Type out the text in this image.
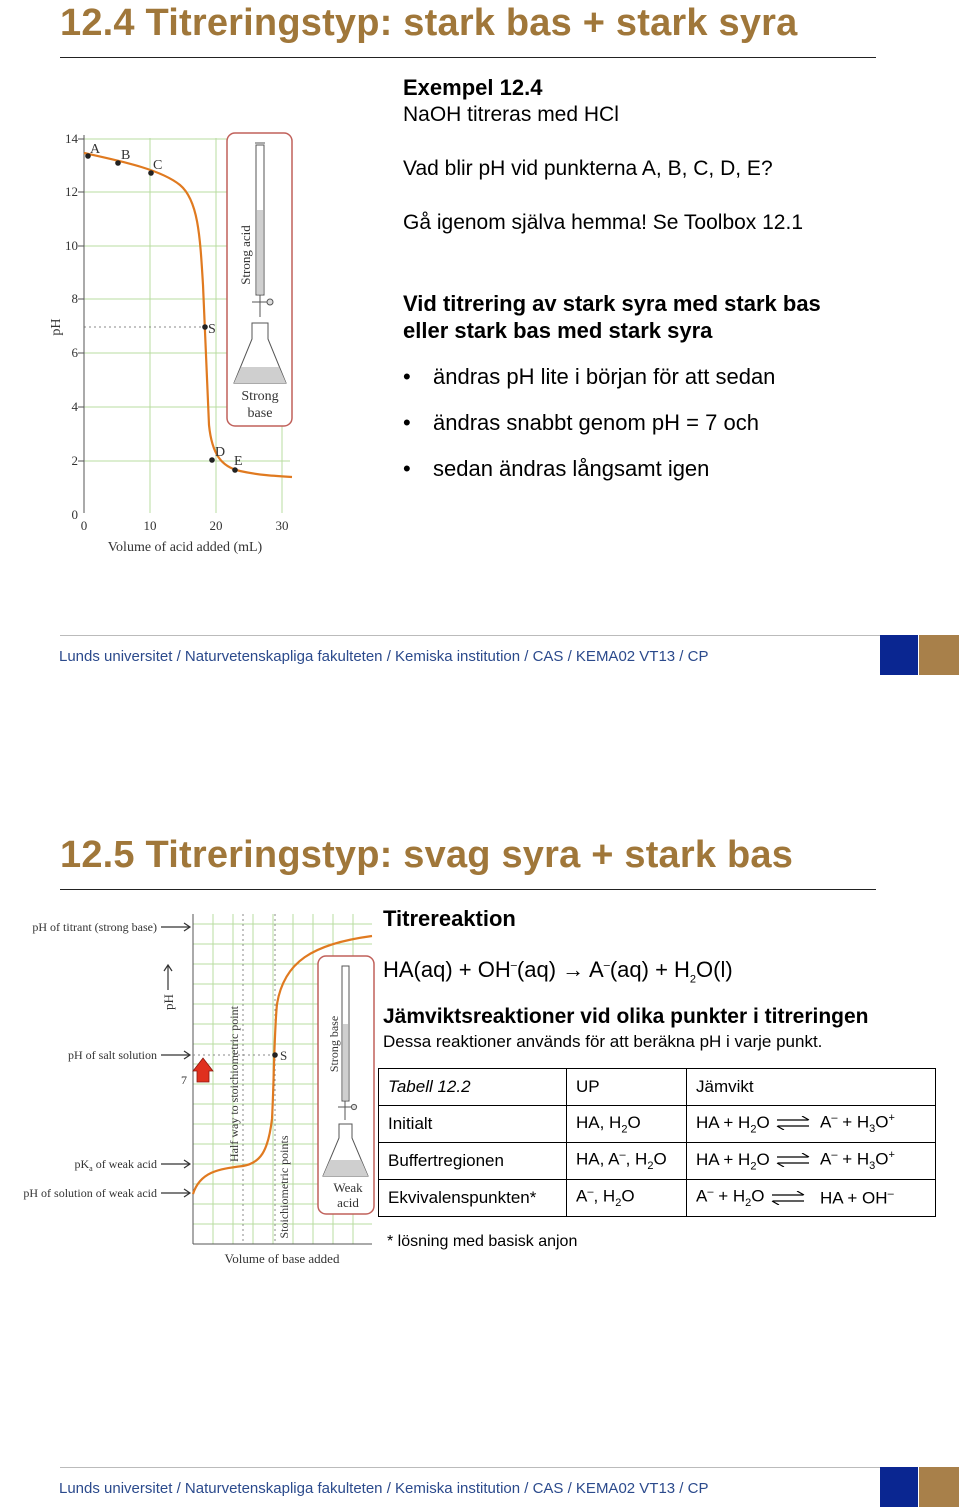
12.4 Titreringstyp: stark bas + stark syra
14
12
10
8
6
4
2
0
0	10	20	30
Volume of acid added (mL)
pH
A B
C
S
D
E
Strong acid
Strong
base
Exempel 12.4
NaOH titreras med HCl
Vad blir pH vid punkterna A, B, C, D, E?
Gå igenom själva hemma! Se Toolbox 12.1
Vid titrering av stark syra med stark bas
eller stark bas med stark syra
• ändras pH lite i början för att sedan
• ändras snabbt genom pH = 7 och
• sedan ändras långsamt igen
Lunds universitet / Naturvetenskapliga fakulteten / Kemiska institution / CAS / KEMA02 VT13 / CP
12.5 Titreringstyp: svag syra + stark bas
pH of titrant (strong base)
pH of salt solution
$pK_a$ of weak acid
pH of solution of weak acid
pH
7	Half way to stoichiometric point
Stoichiometric points
S
Volume of base added
Strong base
Weak
acid
Titrereaktion
$HA(aq) + OH^-(aq) \to A^-(aq) + H_2O(l)$
Jämviktsreaktioner vid olika punkter i titreringen
Dessa reaktioner används för att beräkna pH i varje punkt.
Tabell 12.2	UP	Jämvikt	
Initialt	HA, $H_2O$	HA + $H_2O$ ⇌	$A^- + H_3O^+$
Buffertregionen	HA, A–, $H_2O$	HA + $H_2O$ ⇌	$A^- + H_3O^+$
Ekvivalenspunkten*	A–, $H_2O$	$A^- + H_2O$ ⇌	HA + OH–
* lösning med basisk anjon
Lunds universitet / Naturvetenskapliga fakulteten / Kemiska institution / CAS / KEMA02 VT13 / CP
